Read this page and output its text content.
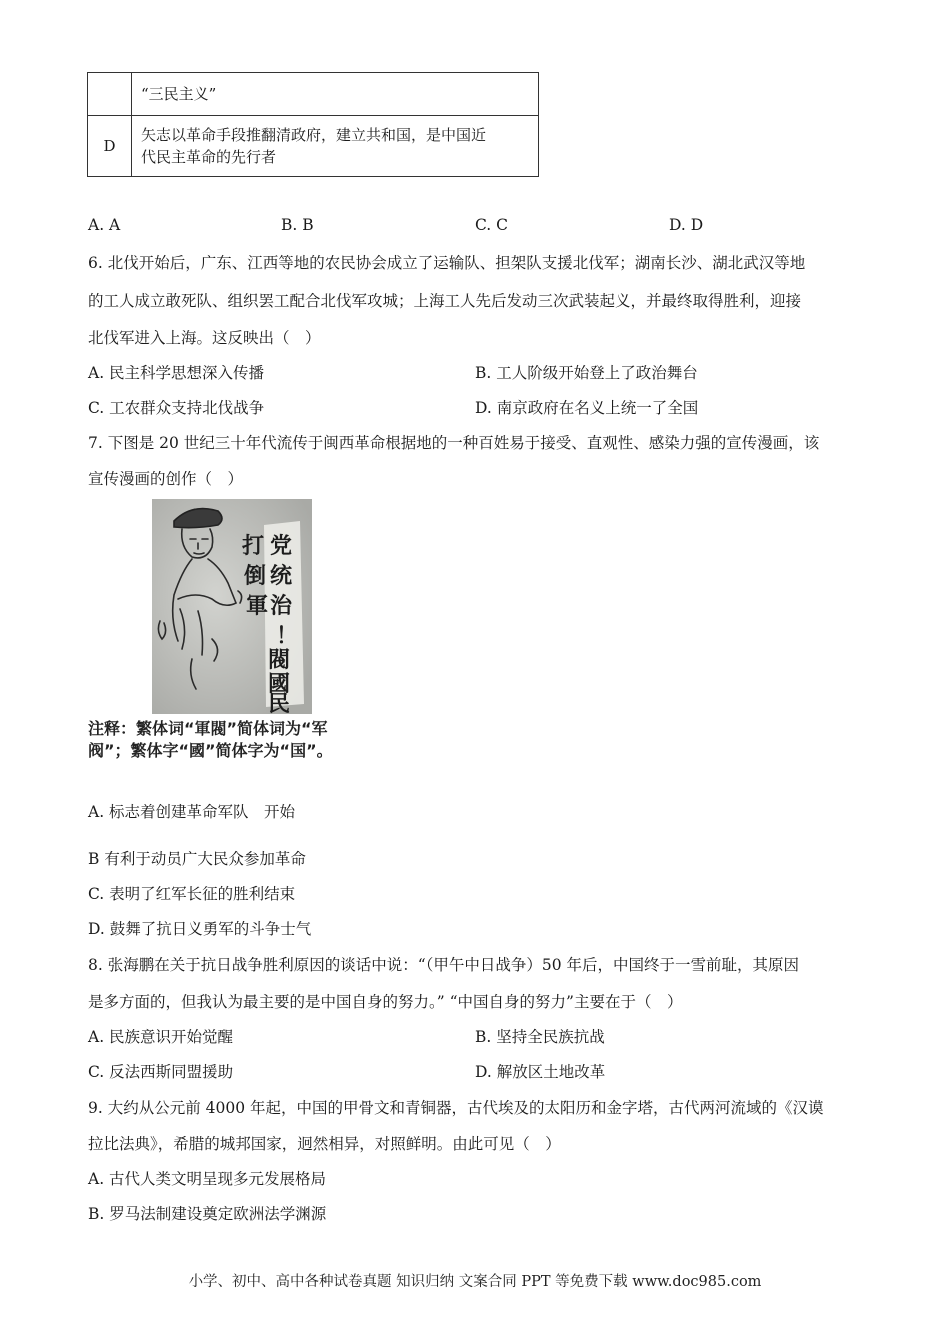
	“三民主义”
D	矢志以革命手段推翻清政府，建立共和国，是中国近
代民主革命的先行者
A. A	B. B	C. C	D. D
6. 北伐开始后，广东、江西等地的农民协会成立了运输队、担架队支援北伐军；湖南长沙、湖北武汉等地
的工人成立敢死队、组织罢工配合北伐军攻城；上海工人先后发动三次武装起义，并最终取得胜利，迎接
北伐军进入上海。这反映出（　）
A. 民主科学思想深入传播	B. 工人阶级开始登上了政治舞台
C. 工农群众支持北伐战争	D. 南京政府在名义上统一了全国
7. 下图是 20 世纪三十年代流传于闽西革命根据地的一种百姓易于接受、直观性、感染力强的宣传漫画，该
宣传漫画的创作（　）
党
统
治
！
打
倒
軍
閥
國
民
注释：繁体词“軍閥”简体词为“军
阀”；繁体字“國”简体字为“国”。
A. 标志着创建革命军队　开始
B 有利于动员广大民众参加革命
C. 表明了红军长征的胜利结束
D. 鼓舞了抗日义勇军的斗争士气
8. 张海鹏在关于抗日战争胜利原因的谈话中说：“（甲午中日战争）50 年后，中国终于一雪前耻，其原因
是多方面的，但我认为最主要的是中国自身的努力。” “中国自身的努力”主要在于（　）
A. 民族意识开始觉醒	B. 坚持全民族抗战
C. 反法西斯同盟援助	D. 解放区土地改革
9. 大约从公元前 4000 年起，中国的甲骨文和青铜器，古代埃及的太阳历和金字塔，古代两河流域的《汉谟
拉比法典》，希腊的城邦国家，迥然相异，对照鲜明。由此可见（　）
A. 古代人类文明呈现多元发展格局
B. 罗马法制建设奠定欧洲法学渊源
小学、初中、高中各种试卷真题 知识归纳 文案合同 PPT 等免费下载 www.doc985.com
